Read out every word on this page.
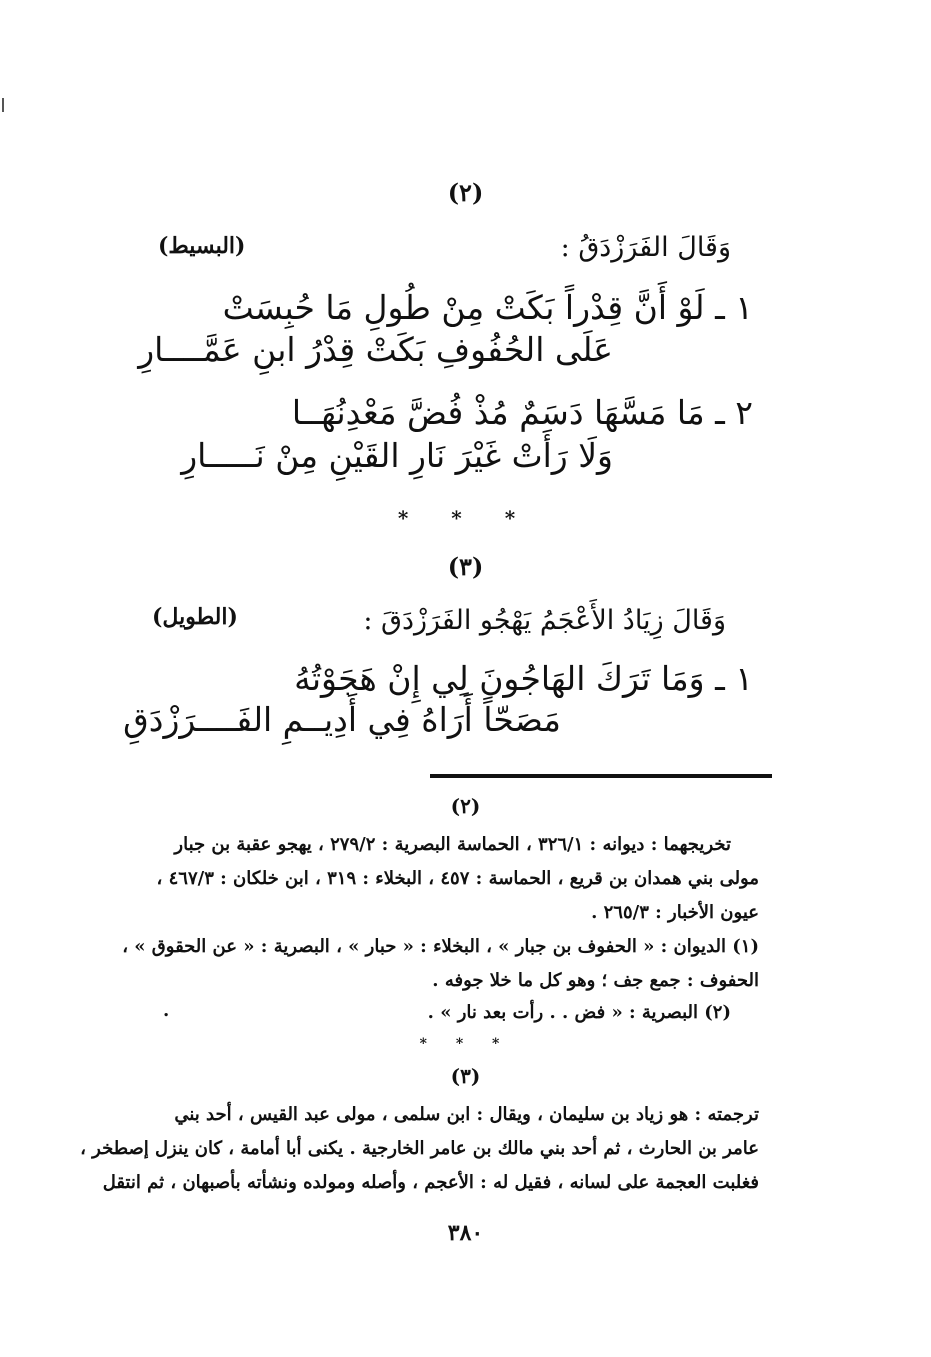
(٢)
وَقَالَ الفَرَزْدَقُ :
(البسيط)
١ ـ لَوْ أَنَّ قِدْراً بَكَتْ مِنْ طُولِ مَا حُبِسَتْ
عَلَى الحُفُوفِ بَكَتْ قِدْرُ ابنِ عَمَّــــارِ
٢ ـ مَا مَسَّهَا دَسَمٌ مُذْ فُضَّ مَعْدِنُهَــا
وَلَا رَأَتْ غَيْرَ نَارِ القَيْنِ مِنْ نَـــــارِ
* * *
(٣)
وَقَالَ زِيَادُ الأَعْجَمُ يَهْجُو الفَرَزْدَقَ :
(الطويل)
١ ـ وَمَا تَرَكَ الهَاجُونَ لِي إِنْ هَجَوْتُهُ
مَصَحّاً أَرَاهُ فِي أَدِيــمِ الفَــــرَزْدَقِ
(٢)
تخريجهما : ديوانه : ٣٢٦/١ ، الحماسة البصرية : ٢٧٩/٢ ، يهجو عقبة بن جبار
مولى بني همدان بن قريع ، الحماسة : ٤٥٧ ، البخلاء : ٣١٩ ، ابن خلكان : ٤٦٧/٣ ،
عيون الأخبار : ٢٦٥/٣ .
(١) الديوان : « الحفوف بن جبار » ، البخلاء : « حبار » ، البصرية : « عن الحقوق » ،
الحفوف : جمع جف ؛ وهو كل ما خلا جوفه .
(٢) البصرية : « فض . . رأت بعد نار » .
.
* * *
(٣)
ترجمته : هو زياد بن سليمان ، ويقال : ابن سلمى ، مولى عبد القيس ، أحد بني
عامر بن الحارث ، ثم أحد بني مالك بن عامر الخارجية . يكنى أبا أمامة ، كان ينزل إصطخر ،
فغلبت العجمة على لسانه ، فقيل له : الأعجم ، وأصله ومولده ونشأته بأصبهان ، ثم انتقل
٣٨٠
